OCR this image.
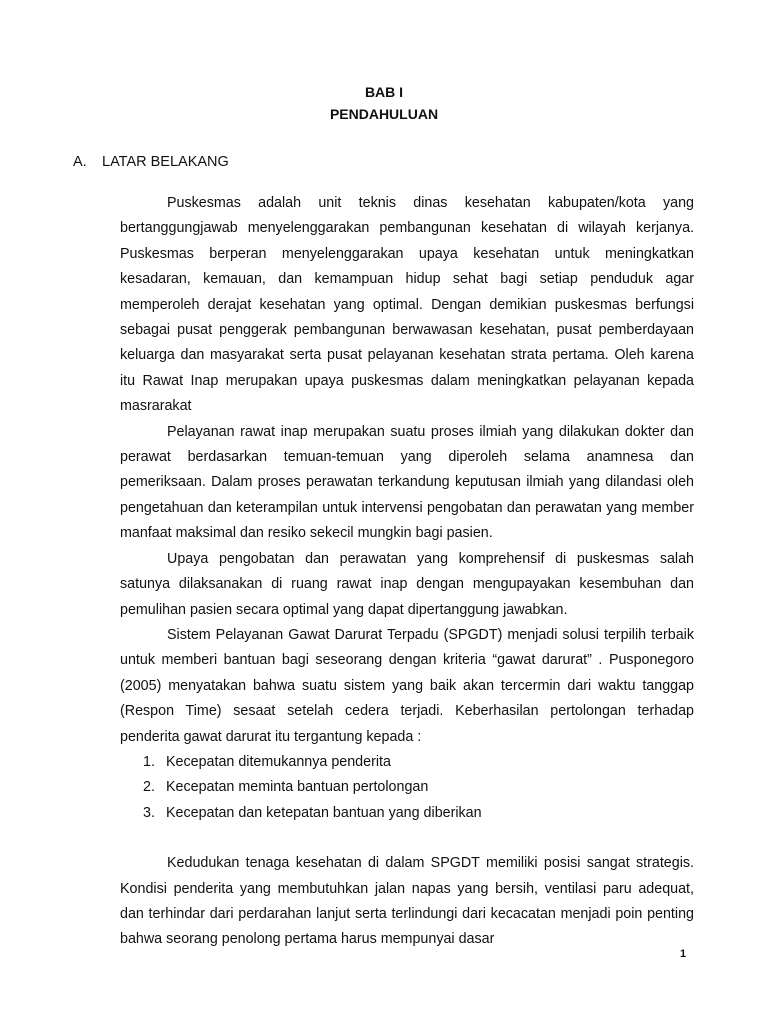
BAB I
PENDAHULUAN
A. LATAR BELAKANG

Puskesmas adalah unit teknis dinas kesehatan kabupaten/kota yang bertanggungjawab menyelenggarakan pembangunan kesehatan di wilayah kerjanya. Puskesmas berperan menyelenggarakan upaya kesehatan untuk meningkatkan kesadaran, kemauan, dan kemampuan hidup sehat bagi setiap penduduk agar memperoleh derajat kesehatan yang optimal. Dengan demikian puskesmas berfungsi sebagai pusat penggerak pembangunan berwawasan kesehatan, pusat pemberdayaan keluarga dan masyarakat serta pusat pelayanan kesehatan strata pertama. Oleh karena itu Rawat Inap merupakan upaya puskesmas dalam meningkatkan pelayanan kepada masrarakat

Pelayanan rawat inap merupakan suatu proses ilmiah yang dilakukan dokter dan perawat berdasarkan temuan-temuan yang diperoleh selama anamnesa dan pemeriksaan. Dalam proses perawatan terkandung keputusan ilmiah yang dilandasi oleh pengetahuan dan keterampilan untuk intervensi pengobatan dan perawatan yang member manfaat maksimal dan resiko sekecil mungkin bagi pasien.

Upaya pengobatan dan perawatan yang komprehensif di puskesmas salah satunya dilaksanakan di ruang rawat inap dengan mengupayakan kesembuhan dan pemulihan pasien secara optimal yang dapat dipertanggung jawabkan.

Sistem Pelayanan Gawat Darurat Terpadu (SPGDT) menjadi solusi terpilih terbaik untuk memberi bantuan bagi seseorang dengan kriteria “gawat darurat” . Pusponegoro (2005) menyatakan bahwa suatu sistem yang baik akan tercermin dari waktu tanggap (Respon Time) sesaat setelah cedera terjadi. Keberhasilan pertolongan terhadap penderita gawat darurat itu tergantung kepada :

1. Kecepatan ditemukannya penderita
2. Kecepatan meminta bantuan pertolongan
3. Kecepatan dan ketepatan bantuan yang diberikan

Kedudukan tenaga kesehatan di dalam SPGDT memiliki posisi sangat strategis. Kondisi penderita yang membutuhkan jalan napas yang bersih, ventilasi paru adequat, dan terhindar dari perdarahan lanjut serta terlindungi dari kecacatan menjadi poin penting bahwa seorang penolong pertama harus mempunyai dasar

1
